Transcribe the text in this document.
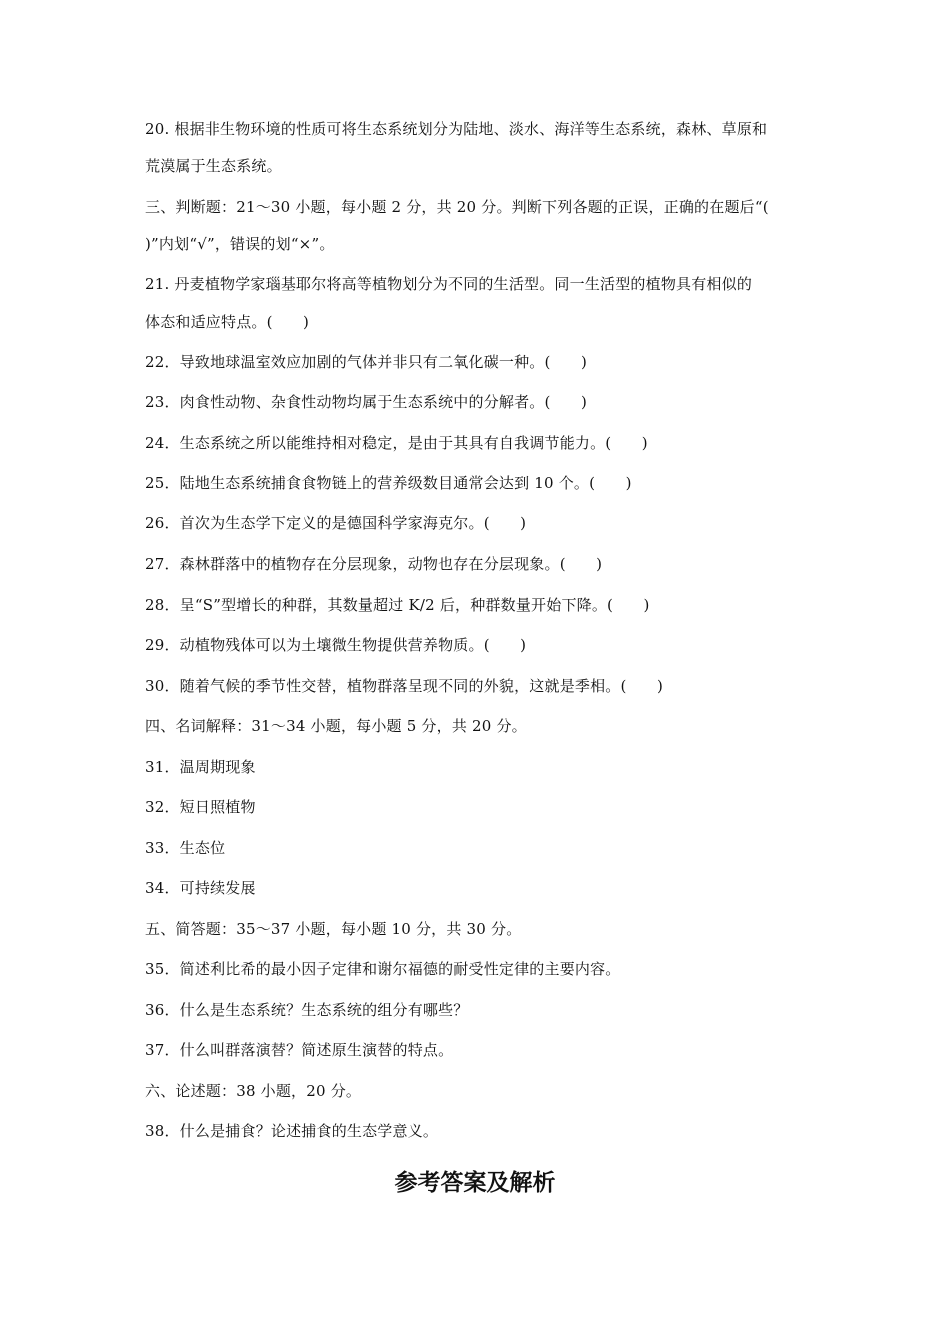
20. 根据非生物环境的性质可将生态系统划分为陆地、淡水、海洋等生态系统，森林、草原和
荒漠属于生态系统。
三、判断题：21～30 小题，每小题 2 分，共 20 分。判断下列各题的正误，正确的在题后“(
)”内划“√”，错误的划“×”。
21. 丹麦植物学家瑙基耶尔将高等植物划分为不同的生活型。同一生活型的植物具有相似的
体态和适应特点。(　　)
22．导致地球温室效应加剧的气体并非只有二氧化碳一种。(　　)
23．肉食性动物、杂食性动物均属于生态系统中的分解者。(　　)
24．生态系统之所以能维持相对稳定，是由于其具有自我调节能力。(　　)
25．陆地生态系统捕食食物链上的营养级数目通常会达到 10 个。(　　)
26．首次为生态学下定义的是德国科学家海克尔。(　　)
27．森林群落中的植物存在分层现象，动物也存在分层现象。(　　)
28．呈“S”型增长的种群，其数量超过 K/2 后，种群数量开始下降。(　　)
29．动植物残体可以为土壤微生物提供营养物质。(　　)
30．随着气候的季节性交替，植物群落呈现不同的外貌，这就是季相。(　　)
四、名词解释：31～34 小题，每小题 5 分，共 20 分。
31．温周期现象
32．短日照植物
33．生态位
34．可持续发展
五、简答题：35～37 小题，每小题 10 分，共 30 分。
35．简述利比希的最小因子定律和谢尔福德的耐受性定律的主要内容。
36．什么是生态系统？生态系统的组分有哪些？
37．什么叫群落演替？简述原生演替的特点。
六、论述题：38 小题，20 分。
38．什么是捕食？论述捕食的生态学意义。
参考答案及解析
